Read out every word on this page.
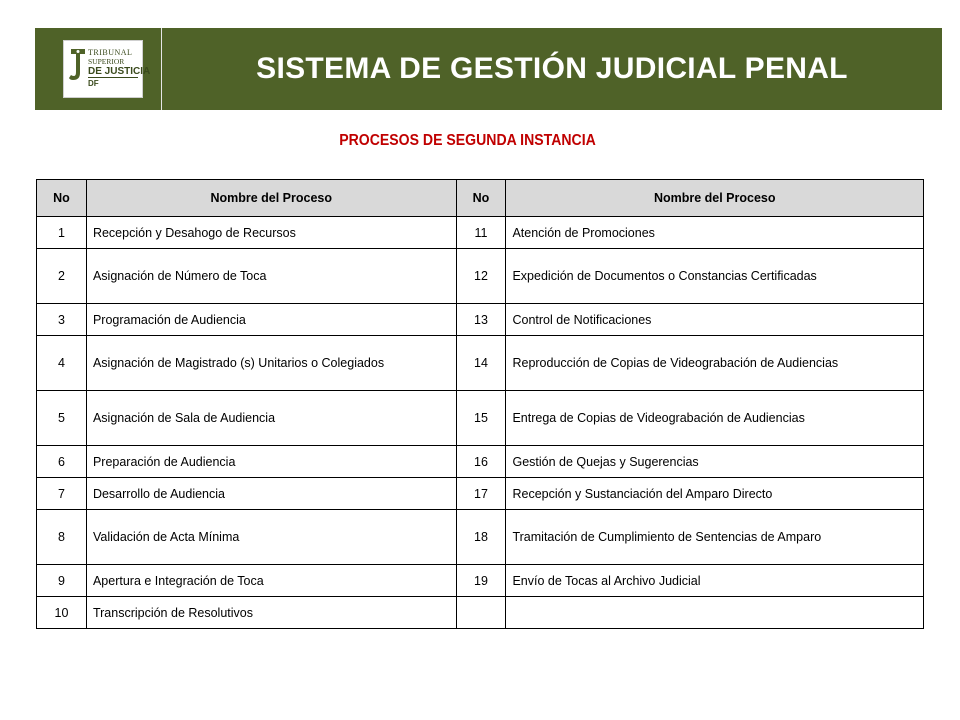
TRIBUNAL
SUPERIOR
DE JUSTICIA
DF	SISTEMA DE GESTIÓN JUDICIAL PENAL
PROCESOS DE SEGUNDA INSTANCIA
No	Nombre del Proceso	No	Nombre del Proceso
1	Recepción y Desahogo de Recursos	11	Atención de Promociones
2	Asignación de Número de Toca	12	Expedición de Documentos o Constancias Certificadas
3	Programación de Audiencia	13	Control de Notificaciones
4	Asignación de Magistrado (s) Unitarios o Colegiados	14	Reproducción de Copias de Videograbación de Audiencias
5	Asignación de Sala de Audiencia	15	Entrega de Copias de Videograbación de Audiencias
6	Preparación de Audiencia	16	Gestión de Quejas y Sugerencias
7	Desarrollo de Audiencia	17	Recepción y Sustanciación del Amparo Directo
8	Validación de Acta Mínima	18	Tramitación de Cumplimiento de Sentencias de Amparo
9	Apertura e Integración de Toca	19	Envío de Tocas al Archivo Judicial
10	Transcripción de Resolutivos		
